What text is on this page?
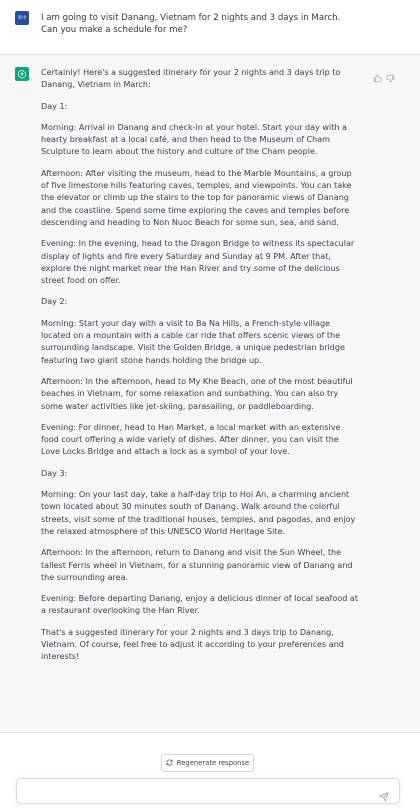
莱中 I am going to visit Danang, Vietnam for 2 nights and 3 days in March.
Can you make a schedule for me?

Certainly! Here's a suggested itinerary for your 2 nights and 3 days trip to Danang, Vietnam in March:

Day 1:

Morning: Arrival in Danang and check-in at your hotel. Start your day with a hearty breakfast at a local café, and then head to the Museum of Cham Sculpture to learn about the history and culture of the Cham people.

Afternoon: After visiting the museum, head to the Marble Mountains, a group of five limestone hills featuring caves, temples, and viewpoints. You can take the elevator or climb up the stairs to the top for panoramic views of Danang and the coastline. Spend some time exploring the caves and temples before descending and heading to Non Nuoc Beach for some sun, sea, and sand.

Evening: In the evening, head to the Dragon Bridge to witness its spectacular display of lights and fire every Saturday and Sunday at 9 PM. After that, explore the night market near the Han River and try some of the delicious street food on offer.

Day 2:

Morning: Start your day with a visit to Ba Na Hills, a French-style village located on a mountain with a cable car ride that offers scenic views of the surrounding landscape. Visit the Golden Bridge, a unique pedestrian bridge featuring two giant stone hands holding the bridge up.

Afternoon: In the afternoon, head to My Khe Beach, one of the most beautiful beaches in Vietnam, for some relaxation and sunbathing. You can also try some water activities like jet-skiing, parasailing, or paddleboarding.

Evening: For dinner, head to Han Market, a local market with an extensive food court offering a wide variety of dishes. After dinner, you can visit the Love Locks Bridge and attach a lock as a symbol of your love.

Day 3:

Morning: On your last day, take a half-day trip to Hoi An, a charming ancient town located about 30 minutes south of Danang. Walk around the colorful streets, visit some of the traditional houses, temples, and pagodas, and enjoy the relaxed atmosphere of this UNESCO World Heritage Site.

Afternoon: In the afternoon, return to Danang and visit the Sun Wheel, the tallest Ferris wheel in Vietnam, for a stunning panoramic view of Danang and the surrounding area.

Evening: Before departing Danang, enjoy a delicious dinner of local seafood at a restaurant overlooking the Han River.

That's a suggested itinerary for your 2 nights and 3 days trip to Danang, Vietnam. Of course, feel free to adjust it according to your preferences and interests!

Regenerate response
